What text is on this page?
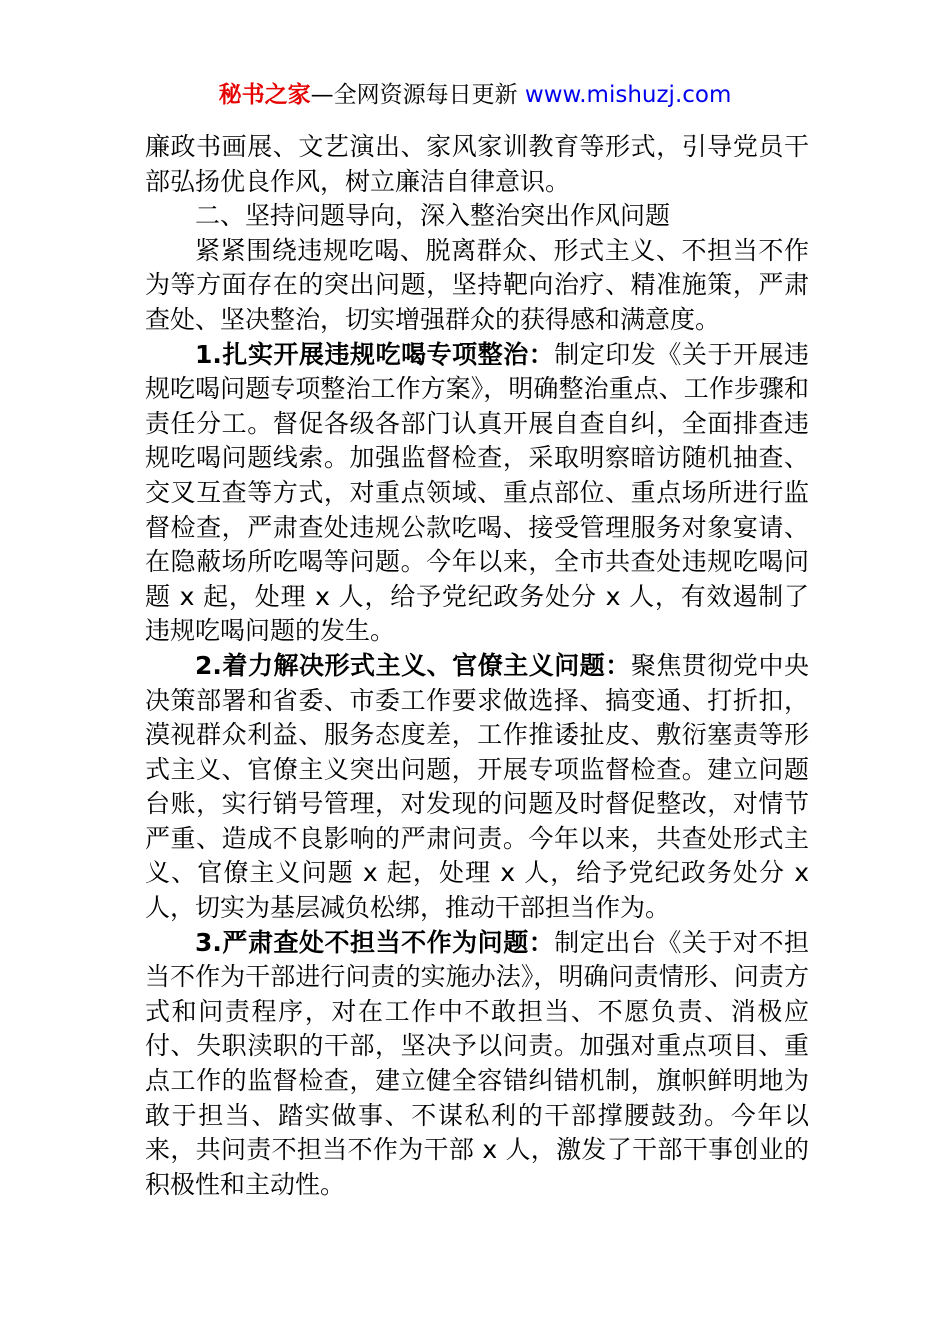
秘书之家—全网资源每日更新 www.mishuzj.com

廉政书画展、文艺演出、家风家训教育等形式，引导党员干部弘扬优良作风，树立廉洁自律意识。

二、坚持问题导向，深入整治突出作风问题

紧紧围绕违规吃喝、脱离群众、形式主义、不担当不作为等方面存在的突出问题，坚持靶向治疗、精准施策，严肃查处、坚决整治，切实增强群众的获得感和满意度。

1.扎实开展违规吃喝专项整治：制定印发《关于开展违规吃喝问题专项整治工作方案》，明确整治重点、工作步骤和责任分工。督促各级各部门认真开展自查自纠，全面排查违规吃喝问题线索。加强监督检查，采取明察暗访随机抽查、交叉互查等方式，对重点领域、重点部位、重点场所进行监督检查，严肃查处违规公款吃喝、接受管理服务对象宴请、在隐蔽场所吃喝等问题。今年以来，全市共查处违规吃喝问题 x 起，处理 x 人，给予党纪政务处分 x 人，有效遏制了违规吃喝问题的发生。

2.着力解决形式主义、官僚主义问题：聚焦贯彻党中央决策部署和省委、市委工作要求做选择、搞变通、打折扣，漠视群众利益、服务态度差，工作推诿扯皮、敷衍塞责等形式主义、官僚主义突出问题，开展专项监督检查。建立问题台账，实行销号管理，对发现的问题及时督促整改，对情节严重、造成不良影响的严肃问责。今年以来，共查处形式主义、官僚主义问题 x 起，处理 x 人，给予党纪政务处分 x 人，切实为基层减负松绑，推动干部担当作为。

3.严肃查处不担当不作为问题：制定出台《关于对不担当不作为干部进行问责的实施办法》，明确问责情形、问责方式和问责程序，对在工作中不敢担当、不愿负责、消极应付、失职渎职的干部，坚决予以问责。加强对重点项目、重点工作的监督检查，建立健全容错纠错机制，旗帜鲜明地为敢于担当、踏实做事、不谋私利的干部撑腰鼓劲。今年以来，共问责不担当不作为干部 x 人，激发了干部干事创业的积极性和主动性。
